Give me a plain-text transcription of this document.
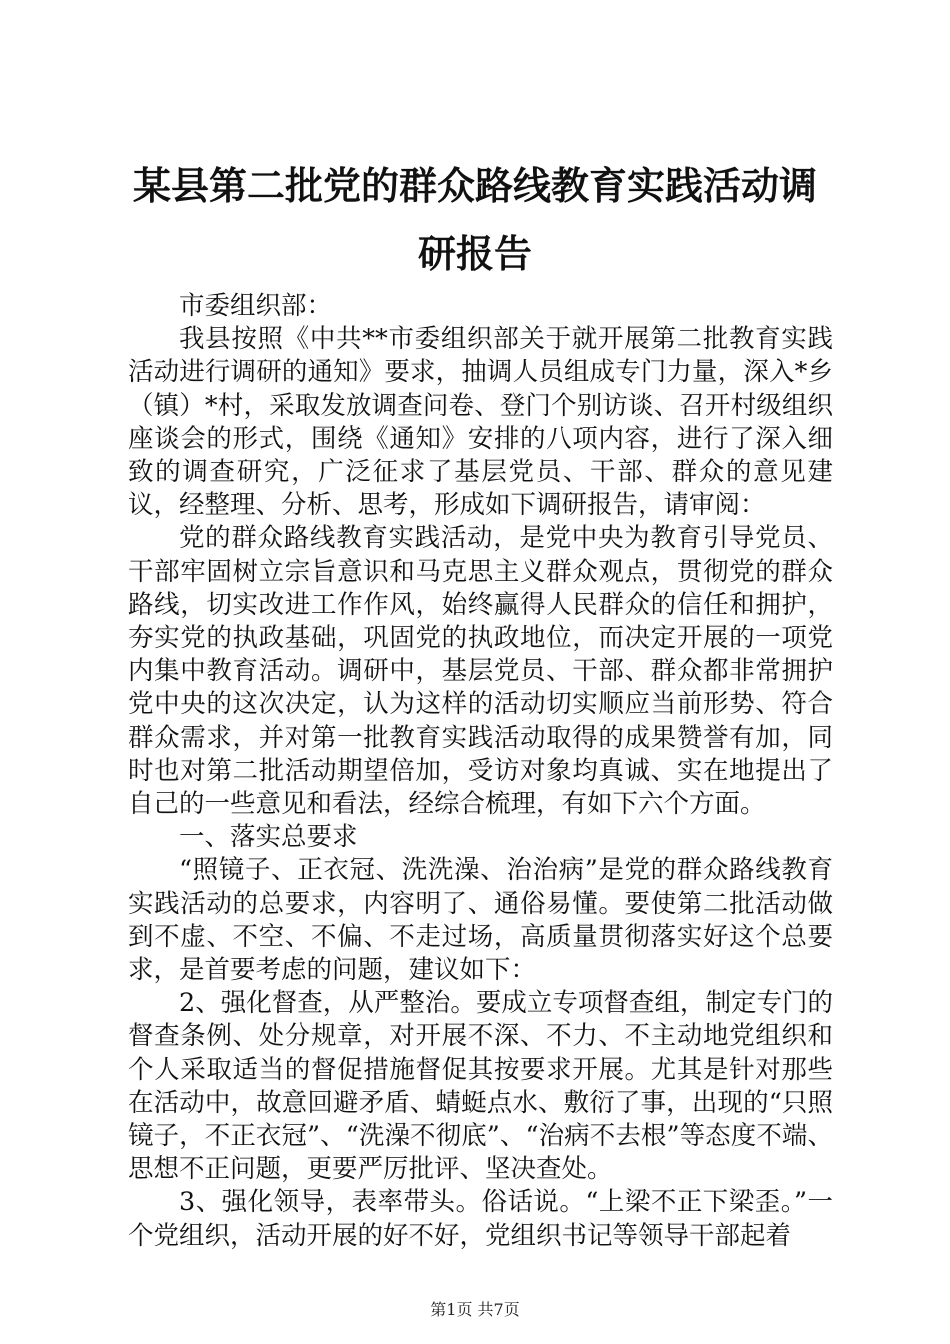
某县第二批党的群众路线教育实践活动调研报告

市委组织部：

我县按照《中共**市委组织部关于就开展第二批教育实践活动进行调研的通知》要求，抽调人员组成专门力量，深入*乡（镇）*村，采取发放调查问卷、登门个别访谈、召开村级组织座谈会的形式，围绕《通知》安排的八项内容，进行了深入细致的调查研究，广泛征求了基层党员、干部、群众的意见建议，经整理、分析、思考，形成如下调研报告，请审阅：

党的群众路线教育实践活动，是党中央为教育引导党员、干部牢固树立宗旨意识和马克思主义群众观点，贯彻党的群众路线，切实改进工作作风，始终赢得人民群众的信任和拥护，夯实党的执政基础，巩固党的执政地位，而决定开展的一项党内集中教育活动。调研中，基层党员、干部、群众都非常拥护党中央的这次决定，认为这样的活动切实顺应当前形势、符合群众需求，并对第一批教育实践活动取得的成果赞誉有加，同时也对第二批活动期望倍加，受访对象均真诚、实在地提出了自己的一些意见和看法，经综合梳理，有如下六个方面。

一、落实总要求

“照镜子、正衣冠、洗洗澡、治治病”是党的群众路线教育实践活动的总要求，内容明了、通俗易懂。要使第二批活动做到不虚、不空、不偏、不走过场，高质量贯彻落实好这个总要求，是首要考虑的问题，建议如下：

2、强化督查，从严整治。要成立专项督查组，制定专门的督查条例、处分规章，对开展不深、不力、不主动地党组织和个人采取适当的督促措施督促其按要求开展。尤其是针对那些在活动中，故意回避矛盾、蜻蜓点水、敷衍了事，出现的“只照镜子，不正衣冠”、“洗澡不彻底”、“治病不去根”等态度不端、思想不正问题，更要严厉批评、坚决查处。

3、强化领导，表率带头。俗话说。“上梁不正下梁歪。”一个党组织，活动开展的好不好，党组织书记等领导干部起着

第1页 共7页
